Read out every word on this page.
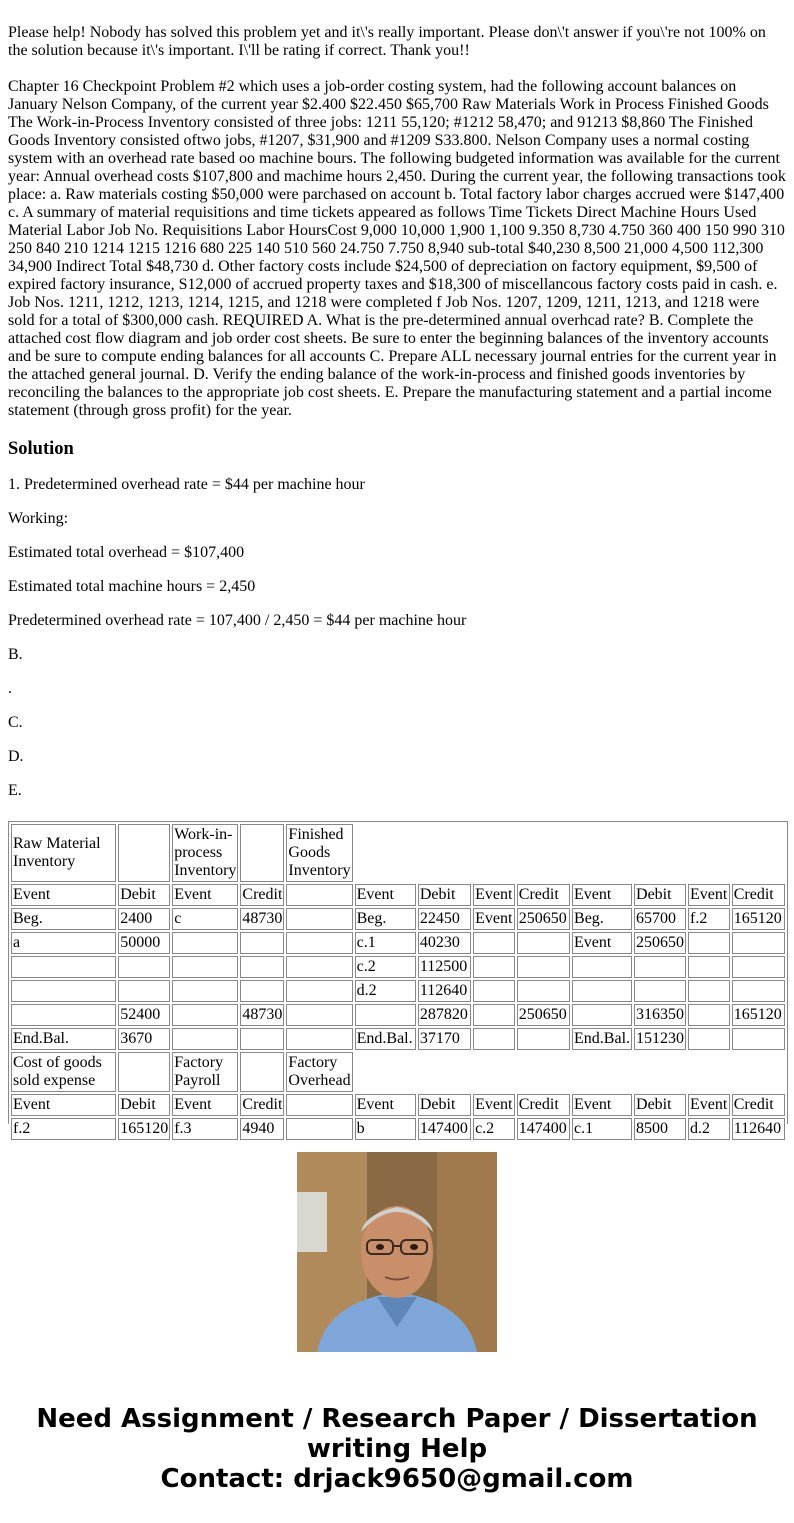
Please help! Nobody has solved this problem yet and it\'s really important. Please don\'t answer if you\'re not 100% on the solution because it\'s important. I\'ll be rating if correct. Thank you!!

Chapter 16 Checkpoint Problem #2 which uses a job-order costing system, had the following account balances on January Nelson Company, of the current year $2.400 $22.450 $65,700 Raw Materials Work in Process Finished Goods The Work-in-Process Inventory consisted of three jobs: 1211 55,120; #1212 58,470; and 91213 $8,860 The Finished Goods Inventory consisted oftwo jobs, #1207, $31,900 and #1209 S33.800. Nelson Company uses a normal costing system with an overhead rate based oo machine bours. The following budgeted information was available for the current year: Annual overhead costs $107,800 and machime hours 2,450. During the current year, the following transactions took place: a. Raw materials costing $50,000 were parchased on account b. Total factory labor charges accrued were $147,400 c. A summary of material requisitions and time tickets appeared as follows Time Tickets Direct Machine Hours Used Material Labor Job No. Requisitions Labor HoursCost 9,000 10,000 1,900 1,100 9.350 8,730 4.750 360 400 150 990 310 250 840 210 1214 1215 1216 680 225 140 510 560 24.750 7.750 8,940 sub-total $40,230 8,500 21,000 4,500 112,300 34,900 Indirect Total $48,730 d. Other factory costs include $24,500 of depreciation on factory equipment, $9,500 of expired factory insurance, S12,000 of accrued property taxes and $18,300 of miscellancous factory costs paid in cash. e. Job Nos. 1211, 1212, 1213, 1214, 1215, and 1218 were completed f Job Nos. 1207, 1209, 1211, 1213, and 1218 were sold for a total of $300,000 cash. REQUIRED A. What is the pre-determined annual overhcad rate? B. Complete the attached cost flow diagram and job order cost sheets. Be sure to enter the beginning balances of the inventory accounts and be sure to compute ending balances for all accounts C. Prepare ALL necessary journal entries for the current year in the attached general journal. D. Verify the ending balance of the work-in-process and finished goods inventories by reconciling the balances to the appropriate job cost sheets. E. Prepare the manufacturing statement and a partial income statement (through gross profit) for the year.

Solution

1. Predetermined overhead rate = $44 per machine hour

Working:

Estimated total overhead = $107,400

Estimated total machine hours = 2,450

Predetermined overhead rate = 107,400 / 2,450 = $44 per machine hour

B.

.

C.

D.

E.

Raw Material Inventory		Work-in-process Inventory		Finished Goods Inventory								
Event	Debit	Event	Credit		Event	Debit	Event	Credit	Event	Debit	Event	Credit
Beg.	2400	c	48730		Beg.	22450	Event	250650	Beg.	65700	f.2	165120
a	50000				c.1	40230			Event	250650		
					c.2	112500						
					d.2	112640						
	52400		48730			287820		250650		316350		165120
End.Bal.	3670				End.Bal.	37170			End.Bal.	151230		
Cost of goods sold expense		Factory Payroll		Factory Overhead								
Event	Debit	Event	Credit		Event	Debit	Event	Credit	Event	Debit	Event	Credit
f.2	165120	f.3	4940		b	147400	c.2	147400	c.1	8500	d.2	112640
Need Assignment / Research Paper / Dissertation
writing Help
Contact: drjack9650@gmail.com
